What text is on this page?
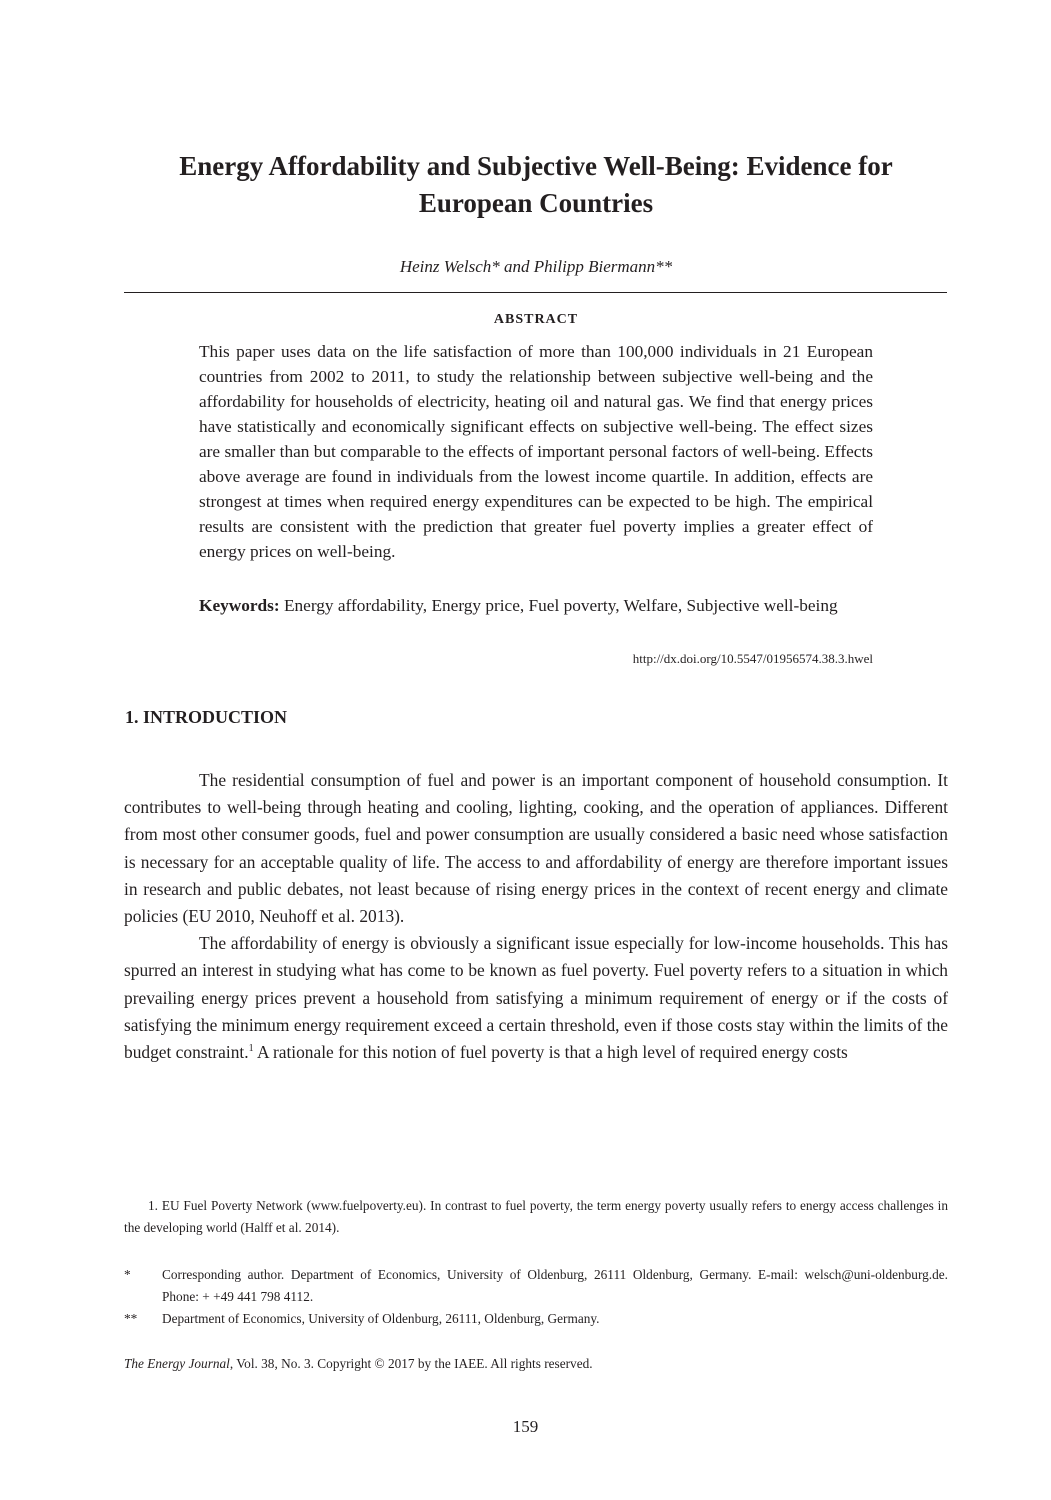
Energy Affordability and Subjective Well-Being: Evidence for European Countries
Heinz Welsch* and Philipp Biermann**
ABSTRACT

This paper uses data on the life satisfaction of more than 100,000 individuals in 21 European countries from 2002 to 2011, to study the relationship between subjective well-being and the affordability for households of electricity, heating oil and natural gas. We find that energy prices have statistically and economically significant effects on subjective well-being. The effect sizes are smaller than but comparable to the effects of important personal factors of well-being. Effects above average are found in individuals from the lowest income quartile. In addition, effects are strongest at times when required energy expenditures can be expected to be high. The empirical results are consistent with the prediction that greater fuel poverty implies a greater effect of energy prices on well-being.

Keywords: Energy affordability, Energy price, Fuel poverty, Welfare, Subjective well-being
http://dx.doi.org/10.5547/01956574.38.3.hwel
1. INTRODUCTION

The residential consumption of fuel and power is an important component of household consumption. It contributes to well-being through heating and cooling, lighting, cooking, and the operation of appliances. Different from most other consumer goods, fuel and power consumption are usually considered a basic need whose satisfaction is necessary for an acceptable quality of life. The access to and affordability of energy are therefore important issues in research and public debates, not least because of rising energy prices in the context of recent energy and climate policies (EU 2010, Neuhoff et al. 2013).

The affordability of energy is obviously a significant issue especially for low-income households. This has spurred an interest in studying what has come to be known as fuel poverty. Fuel poverty refers to a situation in which prevailing energy prices prevent a household from satisfying a minimum requirement of energy or if the costs of satisfying the minimum energy requirement exceed a certain threshold, even if those costs stay within the limits of the budget constraint.$^1$ A rationale for this notion of fuel poverty is that a high level of required energy costs

1. EU Fuel Poverty Network (www.fuelpoverty.eu). In contrast to fuel poverty, the term energy poverty usually refers to energy access challenges in the developing world (Halff et al. 2014).

*	Corresponding author. Department of Economics, University of Oldenburg, 26111 Oldenburg, Germany. E-mail: welsch@uni-oldenburg.de. Phone: + +49 441 798 4112.
**	Department of Economics, University of Oldenburg, 26111, Oldenburg, Germany.
The Energy Journal, Vol. 38, No. 3. Copyright © 2017 by the IAEE. All rights reserved.
159
